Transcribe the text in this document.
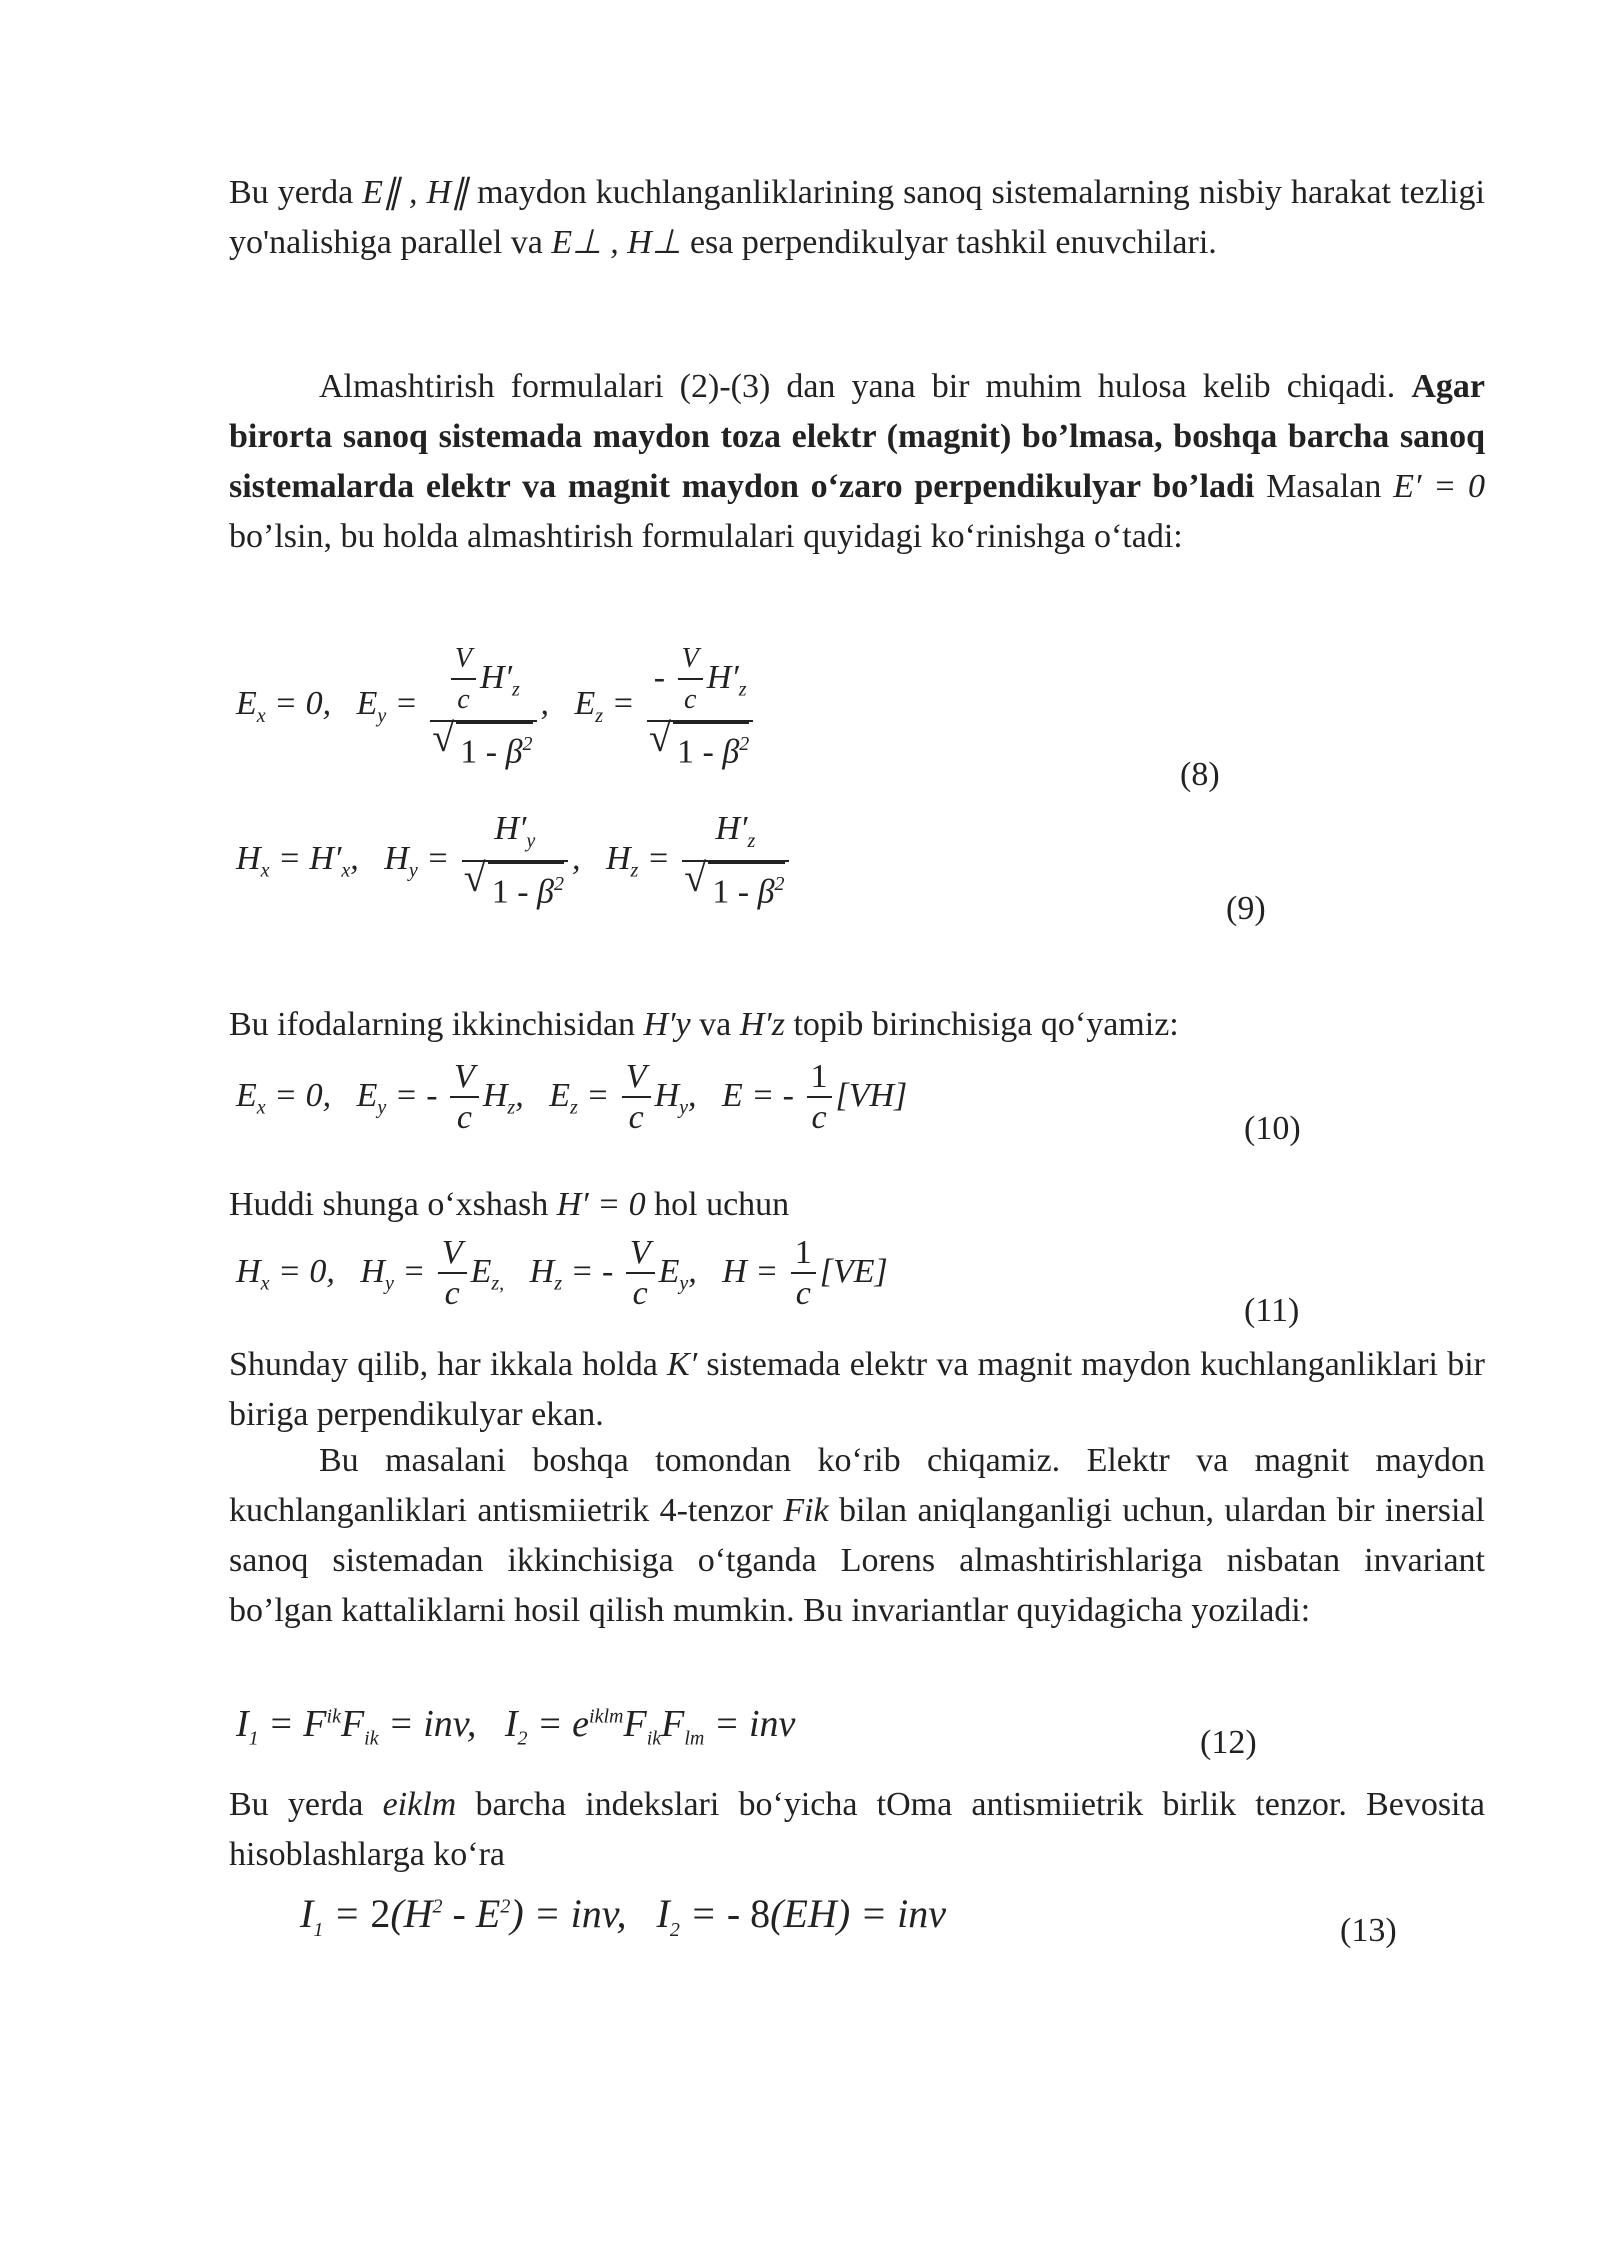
Bu yerda E∥ , H∥ maydon kuchlanganliklarining sanoq sistemalarning nisbiy harakat tezligi yo'nalishiga parallel va E⊥ , H⊥ esa perpendikulyar tashkil enuvchilari.
Almashtirish formulalari (2)-(3) dan yana bir muhim hulosa kelib chiqadi. Agar birorta sanoq sistemada maydon toza elektr (magnit) bo’lmasa, boshqa barcha sanoq sistemalarda elektr va magnit maydon o‘zaro perpendikulyar bo’ladi Masalan E′ = 0 bo’lsin, bu holda almashtirish formulalari quyidagi ko‘rinishga o‘tadi:
$E_x = 0$,   $E_y = \frac{V}{c} H'_z$
√ $1 - \beta^2$ ,   $E_z$ = - $\frac{V}{c} H'_z$
√ $1 - \beta^2$
(8)
$H_x = H'_x$,   $H_y = H'_y$
√ $1 - \beta^2$ ,   $H_z = H'_z$
√ $1 - \beta^2$	(9)
Bu ifodalarning ikkinchisidan H′y va H′z topib birinchisiga qo‘yamiz:
$E_x = 0$,   $E_y$ = - $\frac{V}{c} H_z$,   $E_z = \frac{V}{c} H_y$,   E = - $\frac{1}{c} [VH]$
(10)
Huddi shunga o‘xshash H′ = 0 hol uchun
$H_x = 0$,   $H_y = \frac{V}{c} E_{z,}$   $H_z$ = - $\frac{V}{c} E_y$,   $H = \frac{1}{c} [VE]$
(11)
Shunday qilib, har ikkala holda K′ sistemada elektr va magnit maydon kuchlanganliklari bir biriga perpendikulyar ekan.
Bu masalani boshqa tomondan ko‘rib chiqamiz. Elektr va magnit maydon kuchlanganliklari antismiietrik 4-tenzor Fik bilan aniqlanganligi uchun, ulardan bir inersial sanoq sistemadan ikkinchisiga o‘tganda Lorens almashtirishlariga nisbatan invariant bo’lgan kattaliklarni hosil qilish mumkin. Bu invariantlar quyidagicha yoziladi:
$I_1 = F^{ik}F_{ik}$ = inv,   $I_2 = e^{iklm}F_{ik}F_{lm}$ = inv	(12)
Bu yerda eiklm barcha indekslari bo‘yicha tOma antismiietrik birlik tenzor. Bevosita hisoblashlarga ko‘ra
$I_1 = 2(H^2 - E^2)$ = inv,   $I_2$ = - 8(EH) = inv	(13)
